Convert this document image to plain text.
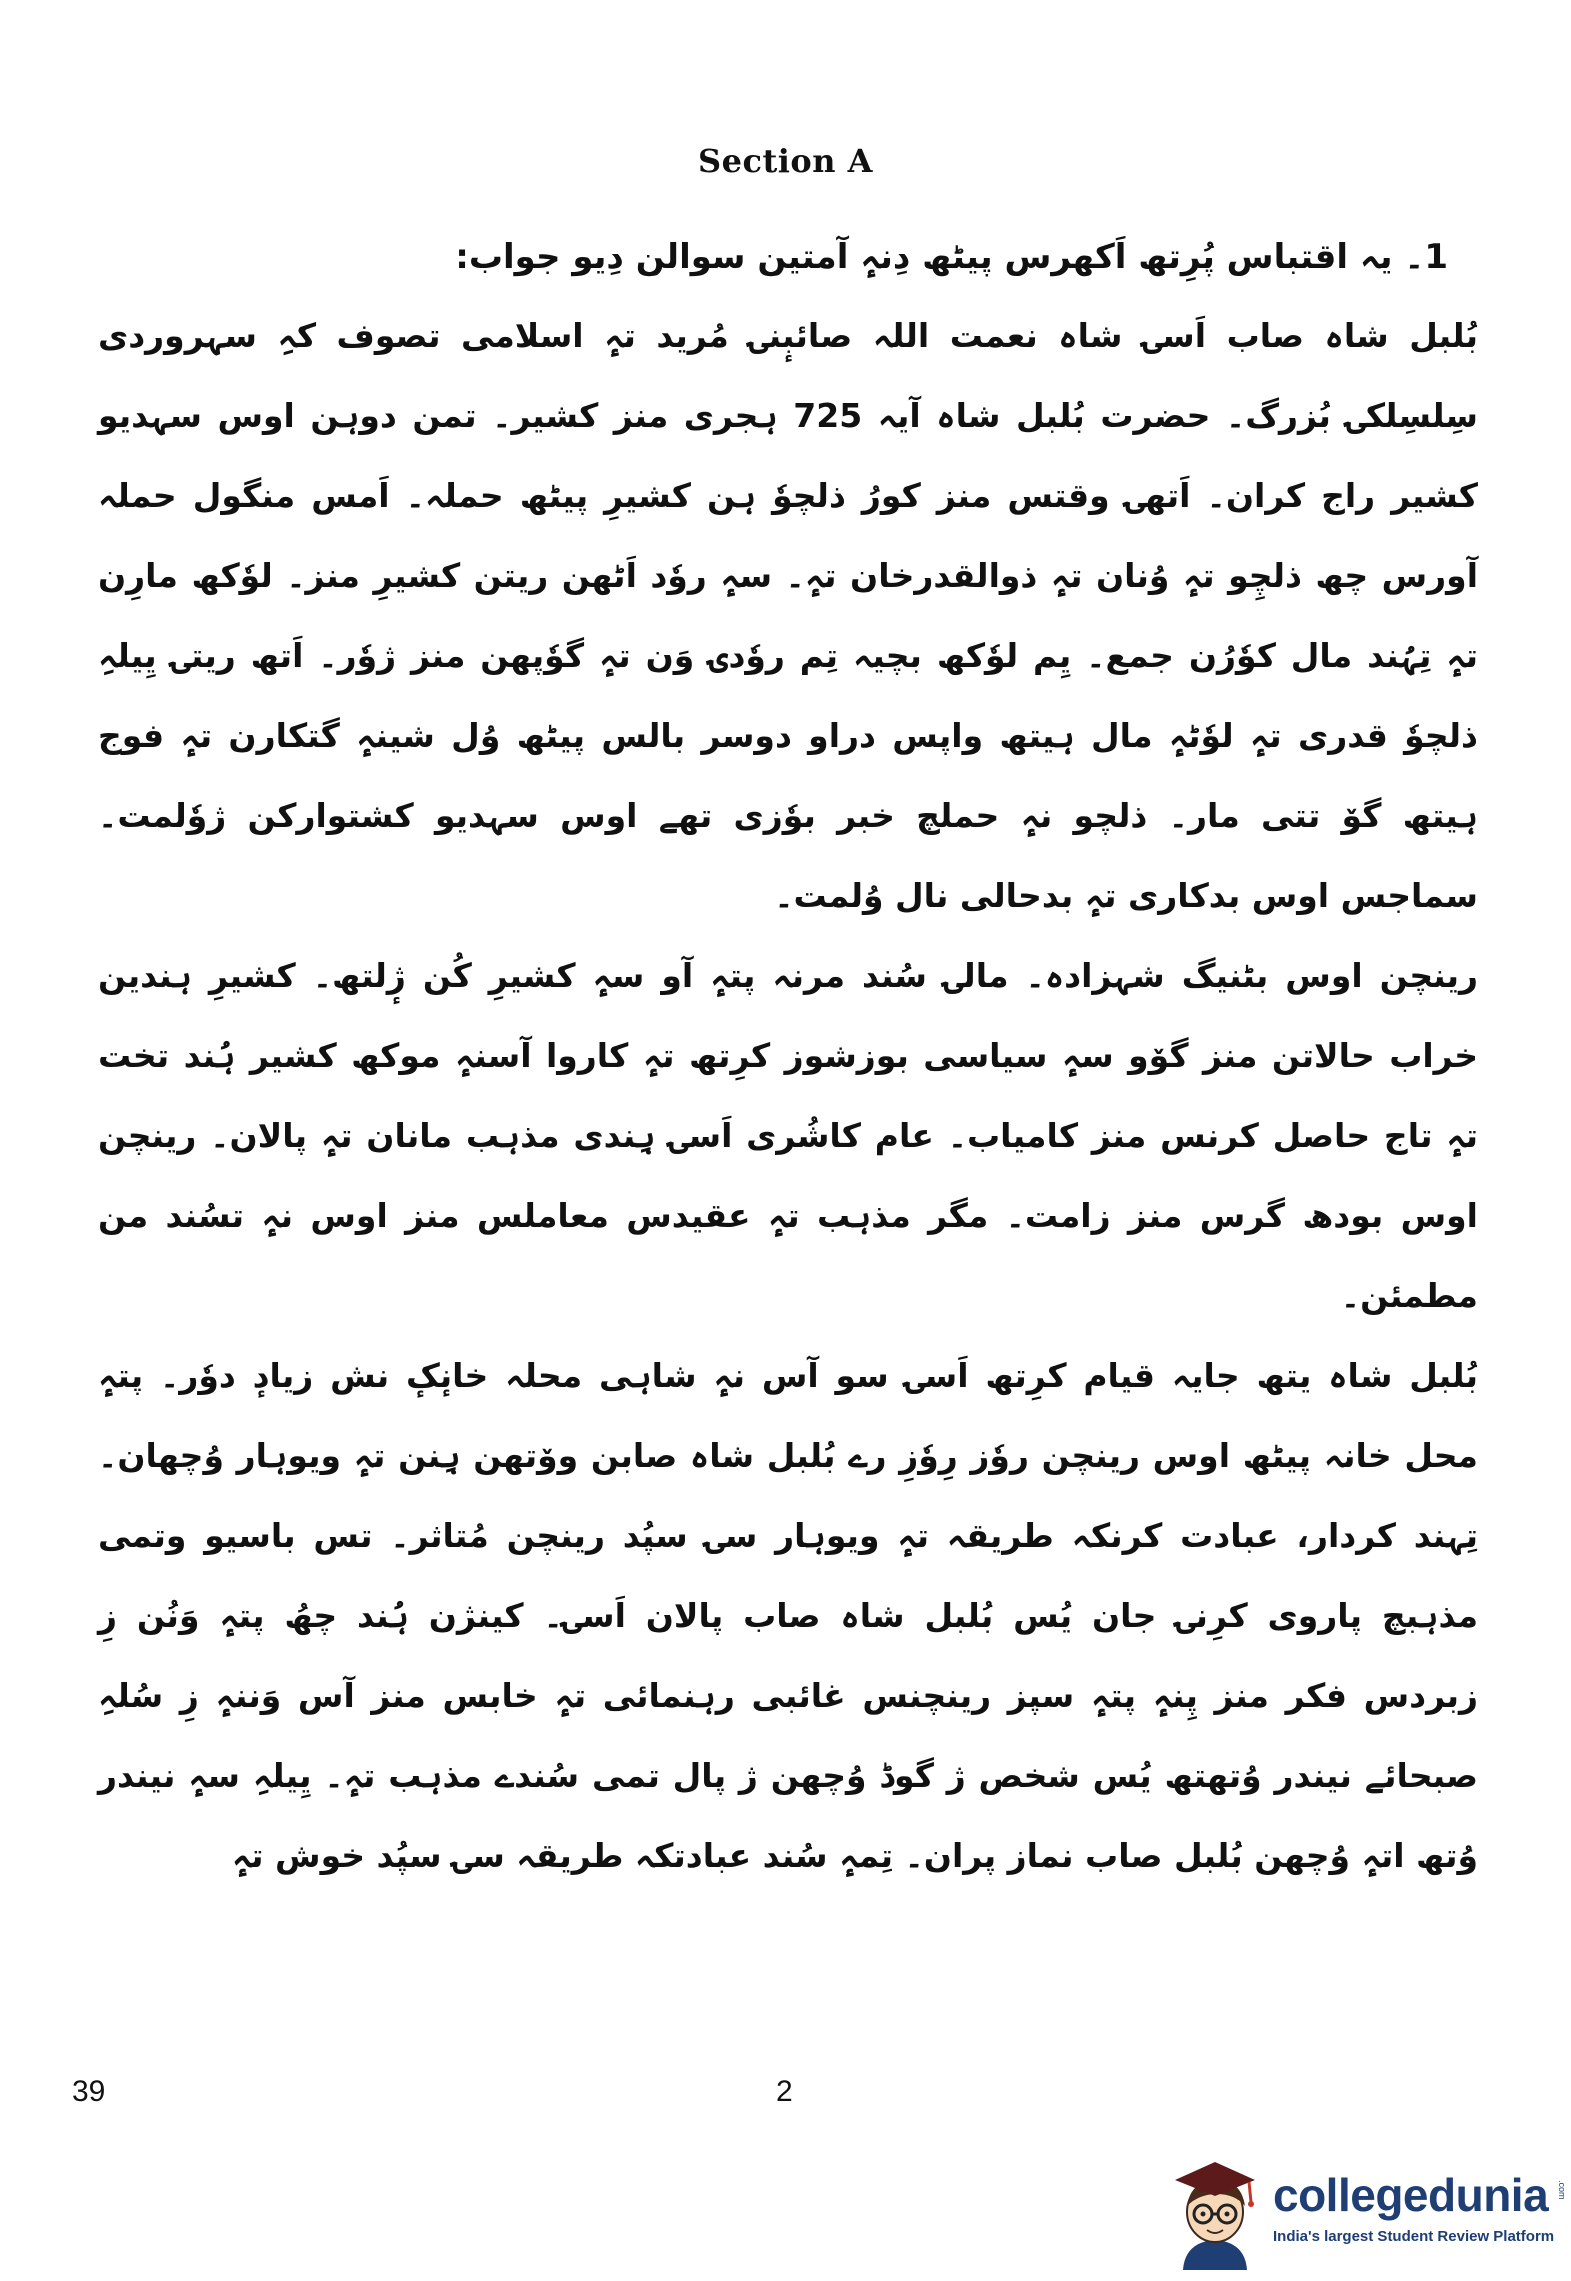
Section A

1۔ یہ اقتباس پُرِتھ اَکھرس پیٹھ دِنہٕ آمتین سوالن دِیو جواب:

بُلبل شاہ صاب اَسۍ شاہ نعمت اللہ صائبٕنۍ مُرید تہٕ اسلامی تصوف کہِ سہروردی سِلسِلکۍ بُزرگ۔ حضرت بُلبل شاہ آیہ 725 ہجری منز کشیر۔ تمن دوہن اوس سہدیو کشیر راج کران۔ اَتھۍ وقتس منز کورُ ذلچوٗ ہن کشیرِ پیٹھ حملہ۔ اَمس منگول حملہ آورس چھ ذلچِو تہٕ وُنان تہٕ ذوالقدرخان تہٕ۔ سہٕ روٗد اَٹھن ریتن کشیرِ منز۔ لوٗکھ مارِن تہٕ تِہُند مال کوٗرُن جمع۔ یِم لوٗکھ بچیہ تِم روٗدۍ وَن تہٕ گوٗپھن منز ژوٗر۔ اَتھ ریتۍ یِیلہِ ذلچوٗ قدری تہٕ لوٗٹہٕ مال ہیتھ واپس دراو دوسر بالس پیٹھ وُل شینہٕ گتکارن تہٕ فوج ہیتھ گوٚ تتی مار۔ ذلچو نہٕ حملچ خبر بوٗزی تھے اوس سہدیو کشتوارکن ژوٗلمت۔ سماجس اوس بدکاری تہٕ بدحالی نال وُلمت۔

رینچن اوس بٹنیگ شہزادہ۔ مالۍ سُند مرنہ پتہٕ آو سہٕ کشیرِ کُن ژٕلتھ۔ کشیرِ ہندین خراب حالاتن منز گوٚو سہٕ سیاسی بوزشوز کرِتھ تہٕ کاروا آسنہٕ موکھ کشیر ہُند تخت تہٕ تاج حاصل کرنس منز کامیاب۔ عام کاشُری اَسۍ ہِندی مذہب مانان تہٕ پالان۔ رینچن اوس بودھ گرس منز زامت۔ مگر مذہب تہٕ عقیدس معاملس منز اوس نہٕ تسُند من مطمئن۔

بُلبل شاہ یتھ جایہ قیام کرِتھ اَسۍ سو آس نہٕ شاہی محلہ خانٕکٕ نش زیادٕ دوٗر۔ پتہٕ محل خانہ پیٹھ اوس رینچن روٗز رِوٗزِ رے بُلبل شاہ صابن وۆتھن ہِنن تہٕ ویوہار وُچھان۔ تِہند کردار، عبادت کرنکہ طریقہ تہٕ ویوہار سۍ سپُد رینچن مُتاثر۔ تس باسیو وتمی مذہبچ پاروی کرِنۍ جان یُس بُلبل شاہ صاب پالان اَسۍ۔ کینژن ہُند چھُ پتہٕ وَنُن زِ زبردس فکر منز پِنہٕ پتہٕ سپز رینچنس غائبی رہنمائی تہٕ خابس منز آس وَننہٕ زِ سُلہِ صبحائے نیندر وُتھتھ یُس شخص ژ گوڈ وُچھن ژ پال تمی سُندے مذہب تہٕ۔ یِیلہِ سہٕ نیندر وُتھ اتہٕ وُچھن بُلبل صاب نماز پران۔ تِمہٕ سُند عبادتکہ طریقہ سۍ سپُد خوش تہٕ

39	2
collegedunia .com
India's largest Student Review Platform
